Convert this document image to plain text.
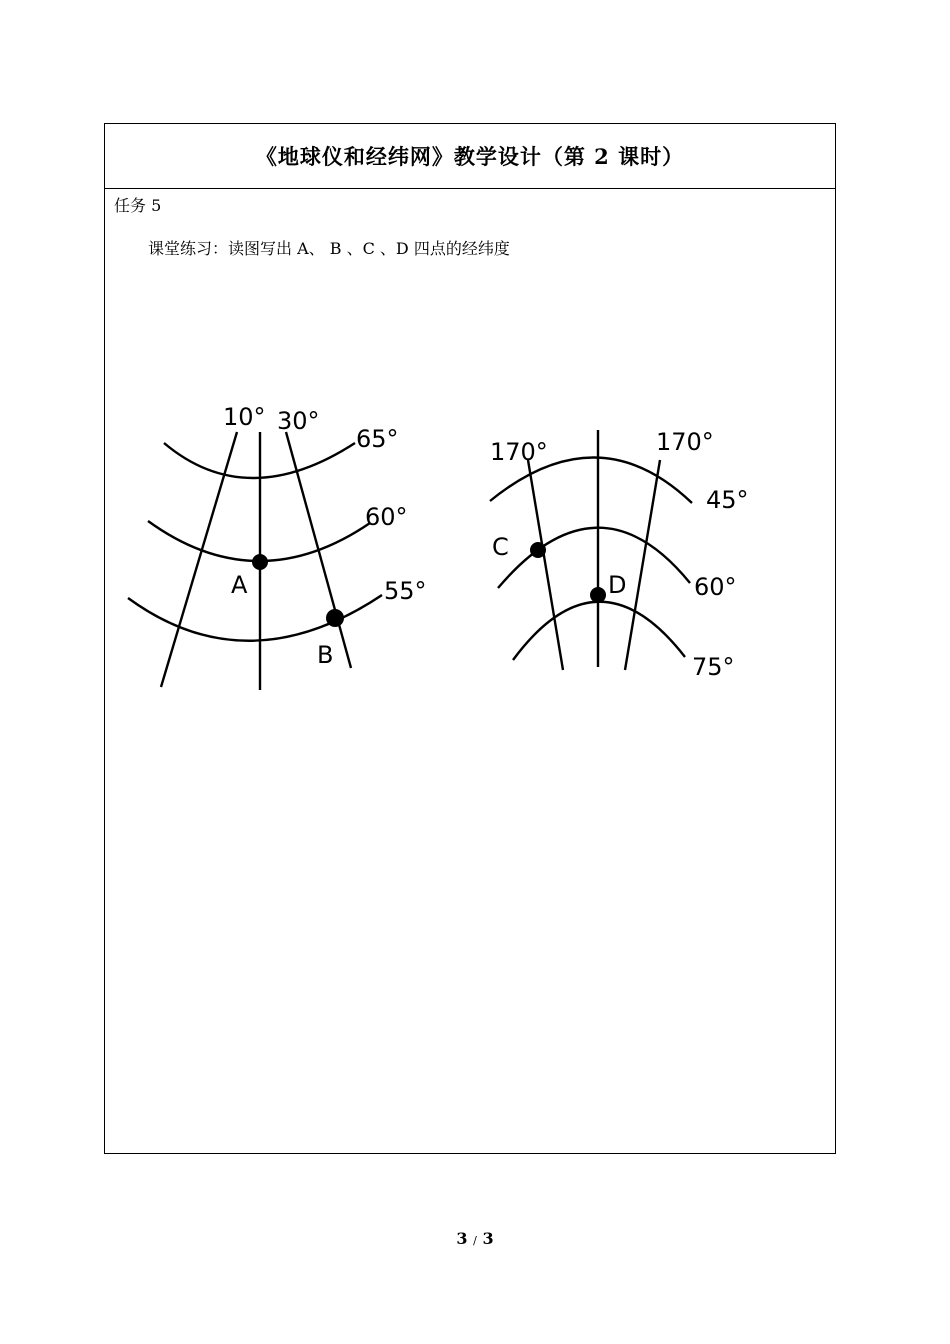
《地球仪和经纬网》教学设计（第 2 课时）
任务 5
课堂练习：读图写出 A、 B 、C 、D 四点的经纬度
10° 30°
65°
60°
55°
A
B
170°	170°
45°
60°
75°
C
D
3 / 3
